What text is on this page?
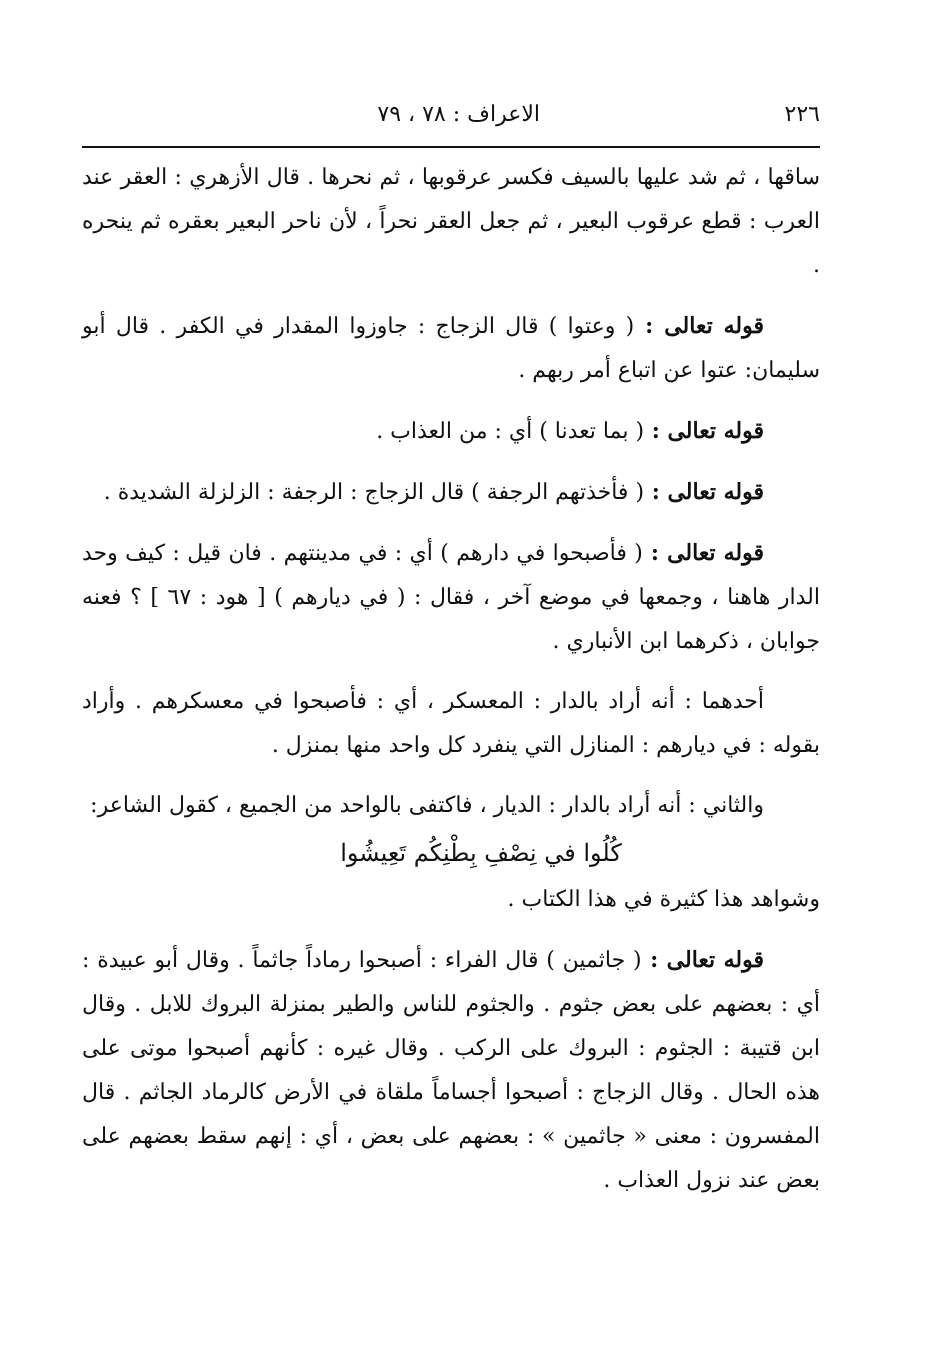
٢٢٦
الاعراف : ٧٨ ، ٧٩

ساقها ، ثم شد عليها بالسيف فكسر عرقوبها ، ثم نحرها . قال الأزهري : العقر عند العرب : قطع عرقوب البعير ، ثم جعل العقر نحراً ، لأن ناحر البعير بعقره ثم ينحره .

قوله تعالى : ( وعتوا ) قال الزجاج : جاوزوا المقدار في الكفر . قال أبو سليمان: عتوا عن اتباع أمر ربهم .

قوله تعالى : ( بما تعدنا ) أي : من العذاب .

قوله تعالى : ( فأخذتهم الرجفة ) قال الزجاج : الرجفة : الزلزلة الشديدة .

قوله تعالى : ( فأصبحوا في دارهم ) أي : في مدينتهم . فان قيل : كيف وحد الدار هاهنا ، وجمعها في موضع آخر ، فقال : ( في ديارهم ) [ هود : ٦٧ ] ؟ فعنه جوابان ، ذكرهما ابن الأنباري .

أحدهما : أنه أراد بالدار : المعسكر ، أي : فأصبحوا في معسكرهم . وأراد بقوله : في ديارهم : المنازل التي ينفرد كل واحد منها بمنزل .

والثاني : أنه أراد بالدار : الديار ، فاكتفى بالواحد من الجميع ، كقول الشاعر:

كُلُوا في نِصْفِ بِطْنِكُم تَعِيشُوا

وشواهد هذا كثيرة في هذا الكتاب .

قوله تعالى : ( جاثمين ) قال الفراء : أصبحوا رماداً جاثماً . وقال أبو عبيدة : أي : بعضهم على بعض جثوم . والجثوم للناس والطير بمنزلة البروك للابل . وقال ابن قتيبة : الجثوم : البروك على الركب . وقال غيره : كأنهم أصبحوا موتى على هذه الحال . وقال الزجاج : أصبحوا أجساماً ملقاة في الأرض كالرماد الجاثم . قال المفسرون : معنى « جاثمين » : بعضهم على بعض ، أي : إنهم سقط بعضهم على بعض عند نزول العذاب .
